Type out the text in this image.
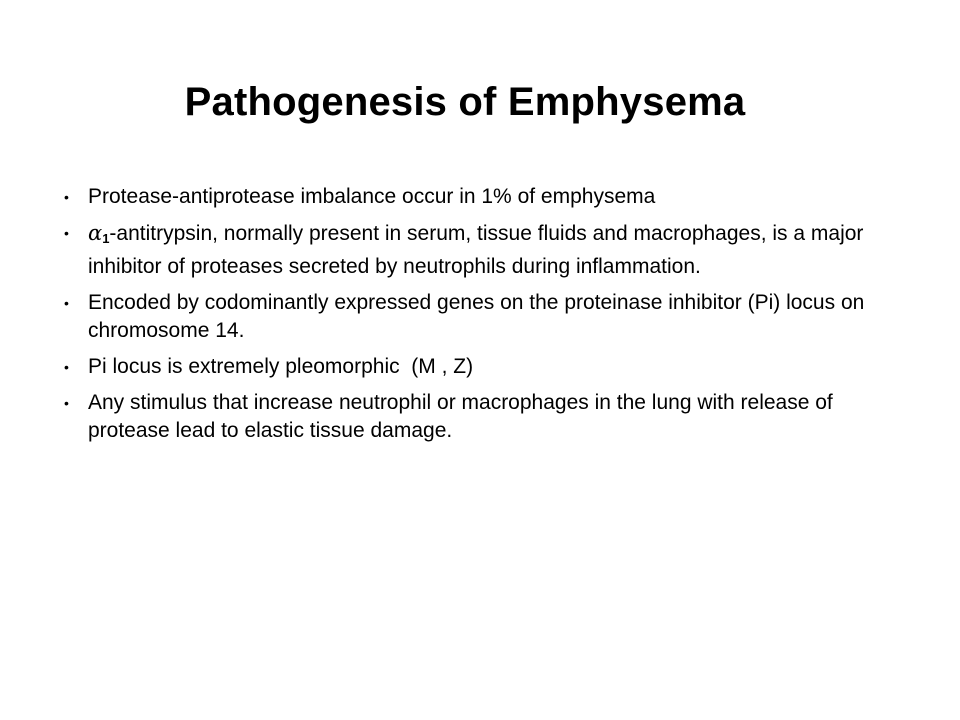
Pathogenesis of Emphysema
• Protease-antiprotease imbalance occur in 1% of emphysema
• $\alpha_1$-antitrypsin, normally present in serum, tissue fluids and macrophages, is a major inhibitor of proteases secreted by neutrophils during inflammation.
• Encoded by codominantly expressed genes on the proteinase inhibitor (Pi) locus on chromosome 14.
• Pi locus is extremely pleomorphic  (M , Z)
• Any stimulus that increase neutrophil or macrophages in the lung with release of protease lead to elastic tissue damage.
